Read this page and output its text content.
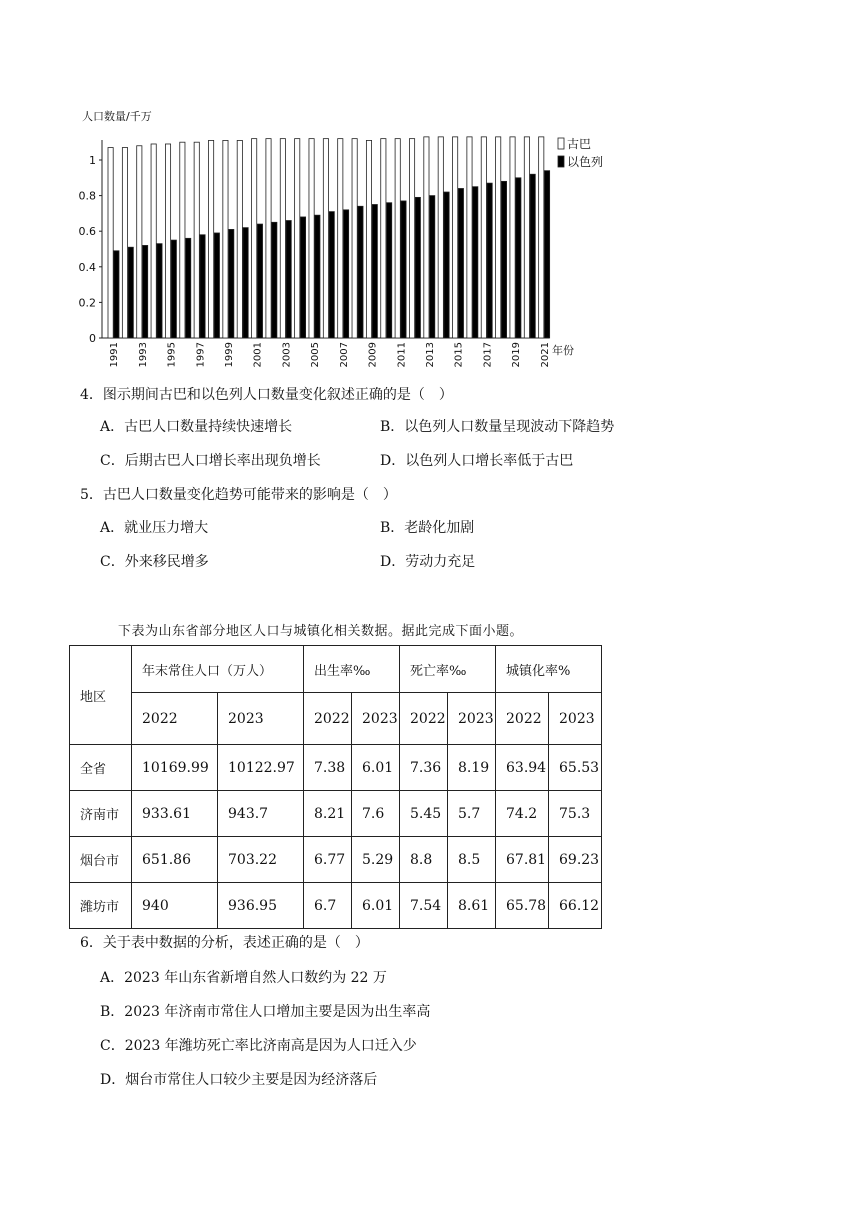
人口数量/千万
0
0.2
0.4
0.6
0.8
1
1991 1993 1995 1997 1999 2001 2003 2005 2007 2009 2011 2013 2015 2017 2019 2021 年份
古巴
以色列
4．图示期间古巴和以色列人口数量变化叙述正确的是（　）
A．古巴人口数量持续快速增长	B．以色列人口数量呈现波动下降趋势
C．后期古巴人口增长率出现负增长	D．以色列人口增长率低于古巴
5．古巴人口数量变化趋势可能带来的影响是（　）
A．就业压力增大	B．老龄化加剧
C．外来移民增多	D．劳动力充足
下表为山东省部分地区人口与城镇化相关数据。据此完成下面小题。
地区	年末常住人口（万人）		出生率‰		死亡率‰		城镇化率%	
	2022	2023	2022	2023	2022	2023	2022	2023
全省	10169.99	10122.97	7.38	6.01	7.36	8.19	63.94	65.53
济南市	933.61	943.7	8.21	7.6	5.45	5.7	74.2	75.3
烟台市	651.86	703.22	6.77	5.29	8.8	8.5	67.81	69.23
潍坊市	940	936.95	6.7	6.01	7.54	8.61	65.78	66.12
6．关于表中数据的分析，表述正确的是（　）
A．2023 年山东省新增自然人口数约为 22 万
B．2023 年济南市常住人口增加主要是因为出生率高
C．2023 年潍坊死亡率比济南高是因为人口迁入少
D．烟台市常住人口较少主要是因为经济落后
